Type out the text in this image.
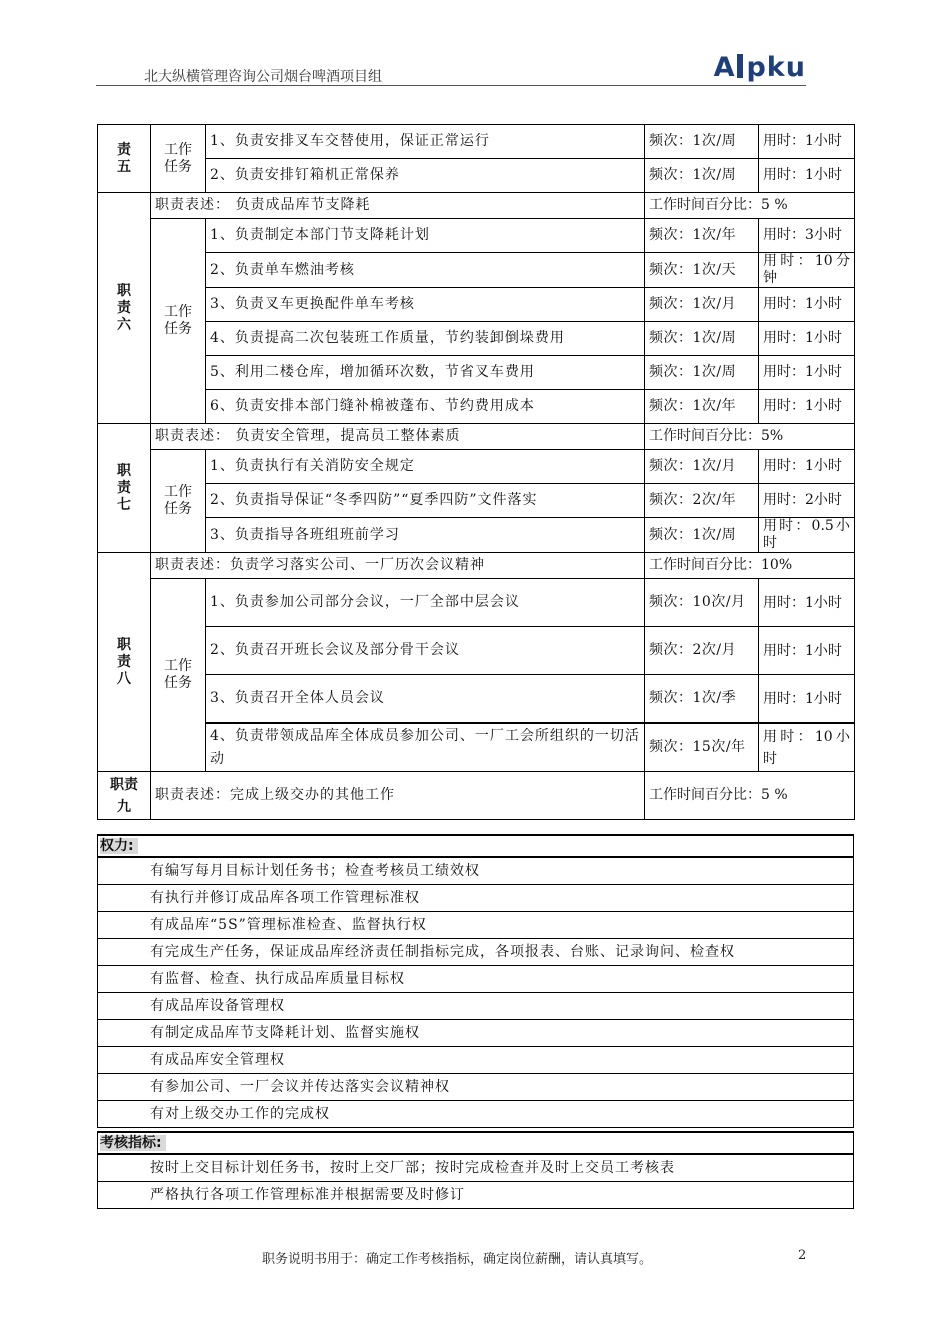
北大纵横管理咨询公司烟台啤酒项目组	A pku
责五	工作任务	1、负责安排叉车交替使用，保证正常运行	频次：1次/周	用时：1小时
		2、负责安排钉箱机正常保养	频次：1次/周	用时：1小时

职责六	职责表述： 负责成品库节支降耗		工作时间百分比：5 %	

	工作任务	1、负责制定本部门节支降耗计划	频次：1次/年	用时：3小时
		2、负责单车燃油考核	频次：1次/天	用时：10分钟
		3、负责叉车更换配件单车考核	频次：1次/月	用时：1小时
		4、负责提高二次包装班工作质量，节约装卸倒垛费用	频次：1次/周	用时：1小时
		5、利用二楼仓库，增加循环次数，节省叉车费用	频次：1次/周	用时：1小时
		6、负责安排本部门缝补棉被蓬布、节约费用成本	频次：1次/年	用时：1小时

职责七	职责表述： 负责安全管理，提高员工整体素质		工作时间百分比：5%	

	工作任务	1、负责执行有关消防安全规定	频次：1次/月	用时：1小时
		2、负责指导保证“冬季四防”“夏季四防”文件落实	频次：2次/年	用时：2小时
		3、负责指导各班组班前学习	频次：1次/周	用时：0.5小时

职责八	职责表述：负责学习落实公司、一厂历次会议精神		工作时间百分比：10%	

	工作任务	1、负责参加公司部分会议，一厂全部中层会议	频次：10次/月	用时：1小时
		2、负责召开班长会议及部分骨干会议	频次：2次/月	用时：1小时
		3、负责召开全体人员会议	频次：1次/季	用时：1小时
		4、负责带领成品库全体成员参加公司、一厂工会所组织的一切活动	频次：15次/年	用时：10小时

职责九	职责表述：完成上级交办的其他工作		工作时间百分比：5 %	
权力:
有编写每月目标计划任务书；检查考核员工绩效权
有执行并修订成品库各项工作管理标准权
有成品库“5S”管理标准检查、监督执行权
有完成生产任务，保证成品库经济责任制指标完成，各项报表、台账、记录询问、检查权
有监督、检查、执行成品库质量目标权
有成品库设备管理权
有制定成品库节支降耗计划、监督实施权
有成品库安全管理权
有参加公司、一厂会议并传达落实会议精神权
有对上级交办工作的完成权
考核指标:
按时上交目标计划任务书，按时上交厂部；按时完成检查并及时上交员工考核表
严格执行各项工作管理标准并根据需要及时修订
职务说明书用于：确定工作考核指标，确定岗位薪酬，请认真填写。	2
